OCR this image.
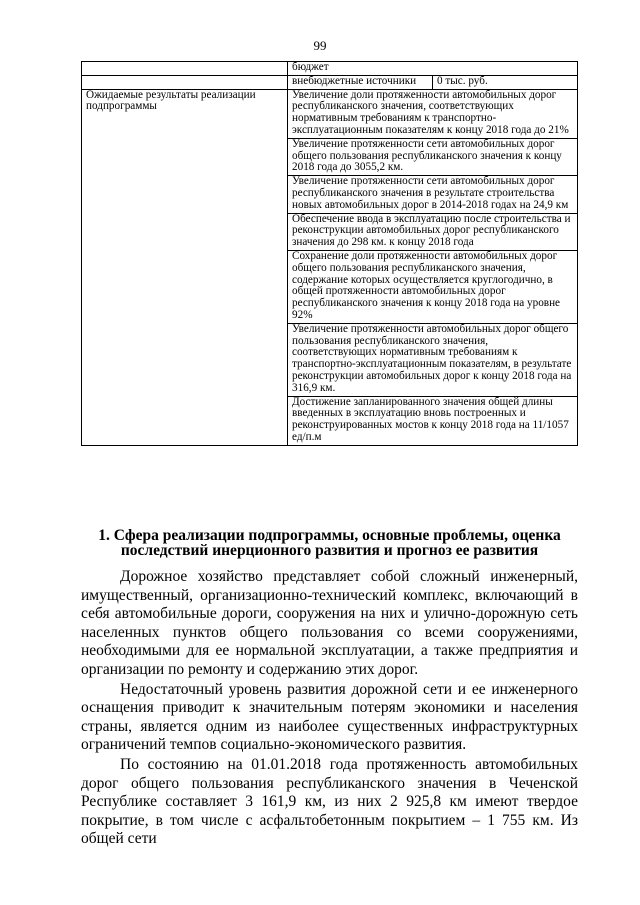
99
	бюджет	
	внебюджетные источники	0 тыс. руб.
Ожидаемые результаты реализации подпрограммы	Увеличение доли протяженности автомобильных дорог республиканского значения, соответствующих нормативным требованиям к транспортно-эксплуатационным показателям к концу 2018 года до 21%	
	Увеличение протяженности сети автомобильных дорог общего пользования республиканского значения к концу 2018 года до 3055,2 км.	
	Увеличение протяженности сети автомобильных дорог республиканского значения в результате строительства новых автомобильных дорог в 2014-2018 годах на 24,9 км	
	Обеспечение ввода в эксплуатацию после строительства и реконструкции автомобильных дорог республиканского значения до 298 км. к концу 2018 года	
	Сохранение доли протяженности автомобильных дорог общего пользования республиканского значения, содержание которых осуществляется круглогодично, в общей протяженности автомобильных дорог республиканского значения к концу 2018 года на уровне 92%	
	Увеличение протяженности автомобильных дорог общего пользования республиканского значения, соответствующих нормативным требованиям к транспортно-эксплуатационным показателям, в результате реконструкции автомобильных дорог к концу 2018 года на 316,9 км.	
	Достижение запланированного значения общей длины введенных в эксплуатацию вновь построенных и реконструированных мостов к концу 2018 года на 11/1057 ед/п.м	
1. Сфера реализации подпрограммы, основные проблемы, оценка последствий инерционного развития и прогноз ее развития

Дорожное хозяйство представляет собой сложный инженерный, имущественный, организационно-технический комплекс, включающий в себя автомобильные дороги, сооружения на них и улично-дорожную сеть населенных пунктов общего пользования со всеми сооружениями, необходимыми для ее нормальной эксплуатации, а также предприятия и организации по ремонту и содержанию этих дорог.

Недостаточный уровень развития дорожной сети и ее инженерного оснащения приводит к значительным потерям экономики и населения страны, является одним из наиболее существенных инфраструктурных ограничений темпов социально-экономического развития.

По состоянию на 01.01.2018 года протяженность автомобильных дорог общего пользования республиканского значения в Чеченской Республике составляет 3 161,9 км, из них 2 925,8 км имеют твердое покрытие, в том числе с асфальтобетонным покрытием – 1 755 км. Из общей сети
